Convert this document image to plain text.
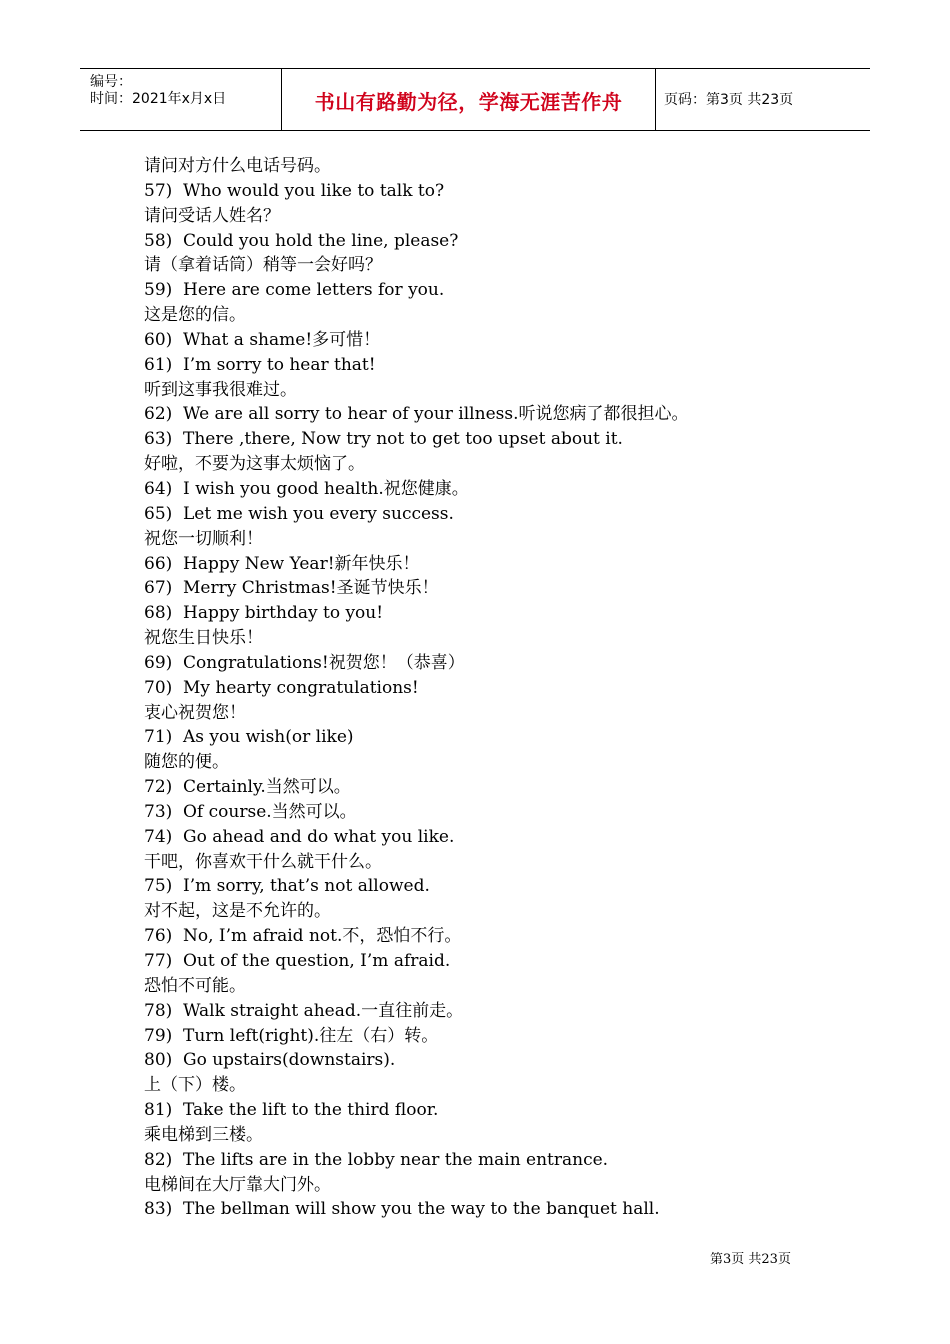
编号：
时间：2021年x月x日	书山有路勤为径，学海无涯苦作舟	页码：第3页 共23页
请问对方什么电话号码。
57) Who would you like to talk to?
请问受话人姓名？
58) Could you hold the line, please?
请（拿着话筒）稍等一会好吗？
59) Here are come letters for you.
这是您的信。
60) What a shame!多可惜！
61) I’m sorry to hear that!
听到这事我很难过。
62) We are all sorry to hear of your illness.听说您病了都很担心。
63) There ,there, Now try not to get too upset about it.
好啦，不要为这事太烦恼了。
64) I wish you good health.祝您健康。
65) Let me wish you every success.
祝您一切顺利！
66) Happy New Year!新年快乐！
67) Merry Christmas!圣诞节快乐！
68) Happy birthday to you!
祝您生日快乐！
69) Congratulations!祝贺您！（恭喜）
70) My hearty congratulations!
衷心祝贺您！
71) As you wish(or like)
随您的便。
72) Certainly.当然可以。
73) Of course.当然可以。
74) Go ahead and do what you like.
干吧，你喜欢干什么就干什么。
75) I’m sorry, that’s not allowed.
对不起，这是不允许的。
76) No, I’m afraid not.不，恐怕不行。
77) Out of the question, I’m afraid.
恐怕不可能。
78) Walk straight ahead.一直往前走。
79) Turn left(right).往左（右）转。
80) Go upstairs(downstairs).
上（下）楼。
81) Take the lift to the third floor.
乘电梯到三楼。
82) The lifts are in the lobby near the main entrance.
电梯间在大厅靠大门外。
83) The bellman will show you the way to the banquet hall.
第3页 共23页
